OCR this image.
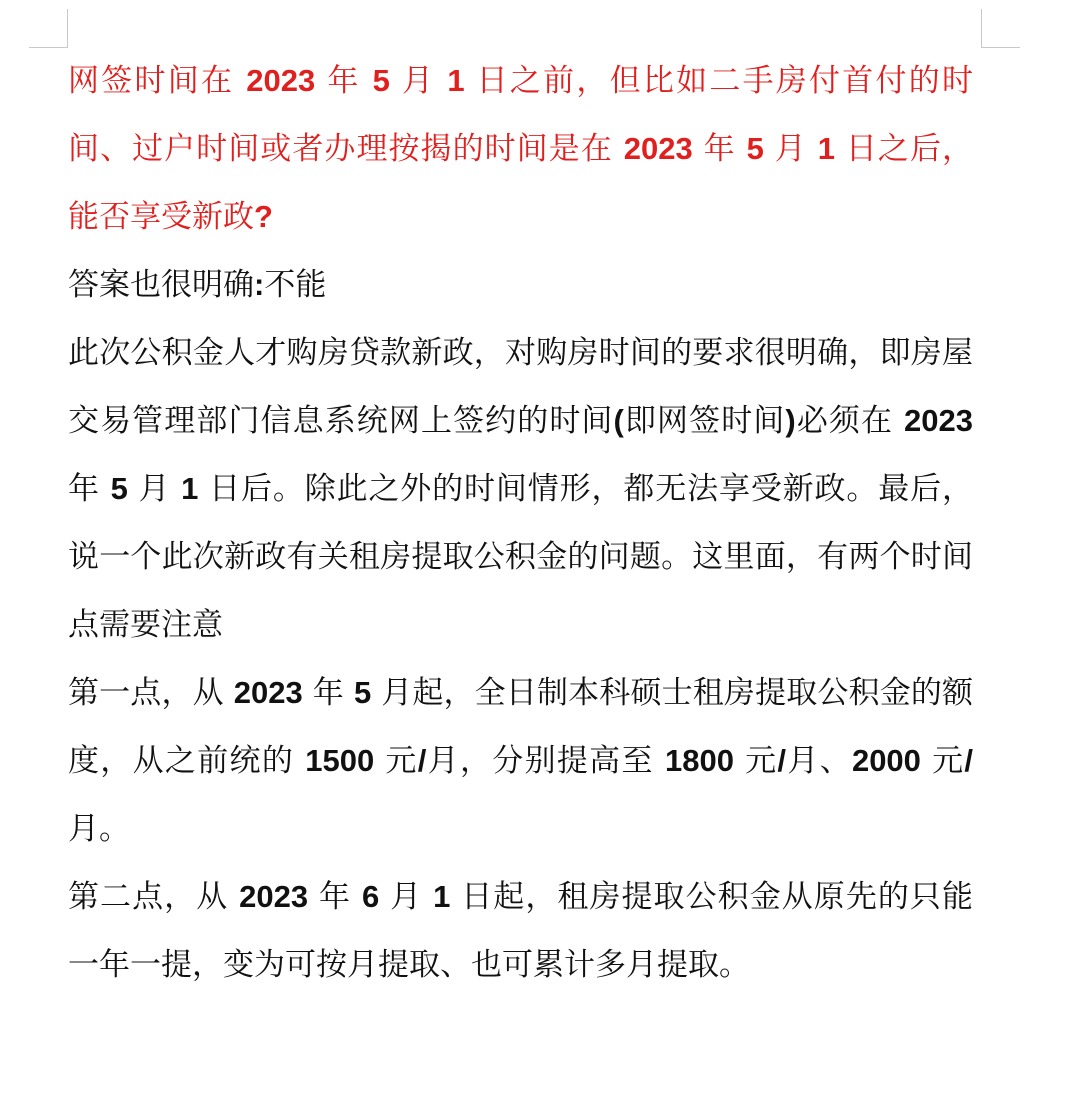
网签时间在 2023 年 5 月 1 日之前，但比如二手房付首付的时间、过户时间或者办理按揭的时间是在 2023 年 5 月 1 日之后，能否享受新政?

答案也很明确:不能

此次公积金人才购房贷款新政，对购房时间的要求很明确，即房屋交易管理部门信息系统网上签约的时间(即网签时间)必须在 2023 年 5 月 1 日后。除此之外的时间情形，都无法享受新政。最后，说一个此次新政有关租房提取公积金的问题。这里面，有两个时间点需要注意

第一点，从 2023 年 5 月起，全日制本科硕士租房提取公积金的额度，从之前统的 1500 元/月，分别提高至 1800 元/月、2000 元/月。

第二点，从 2023 年 6 月 1 日起，租房提取公积金从原先的只能一年一提，变为可按月提取、也可累计多月提取。
